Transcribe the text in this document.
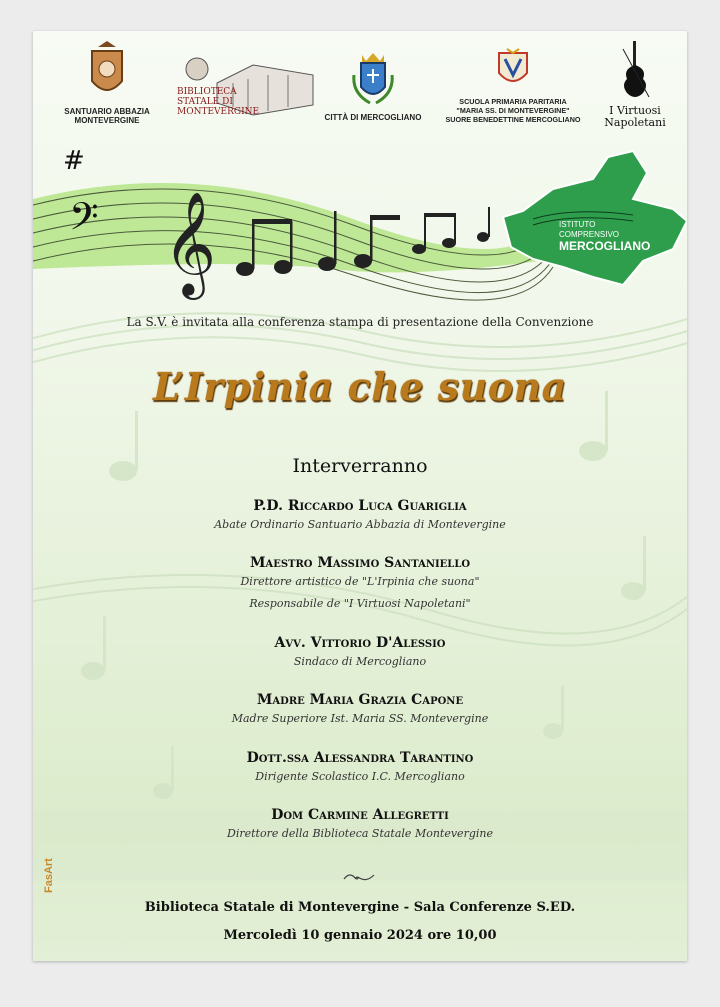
SANTUARIO ABBAZIA
MONTEVERGINE
BIBLIOTECA
STATALE DI
MONTEVERGINE
CITTÀ DI MERCOGLIANO
SCUOLA PRIMARIA PARITARIA
"MARIA SS. DI MONTEVERGINE"
SUORE BENEDETTINE MERCOGLIANO
I Virtuosi
Napoletani
#
𝄢 𝄞	ISTITUTO
COMPRENSIVO
MERCOGLIANO
La S.V. è invitata alla conferenza stampa di presentazione della Convenzione
L’Irpinia che suona
Interverranno
P.D. Riccardo Luca Guariglia
Abate Ordinario Santuario Abbazia di Montevergine
Maestro Massimo Santaniello
Direttore artistico de "L'Irpinia che suona"
Responsabile de "I Virtuosi Napoletani"
Avv. Vittorio D'Alessio
Sindaco di Mercogliano
Madre Maria Grazia Capone
Madre Superiore Ist. Maria SS. Montevergine
Dott.ssa Alessandra Tarantino
Dirigente Scolastico I.C. Mercogliano
Dom Carmine Allegretti
Direttore della Biblioteca Statale Montevergine
Biblioteca Statale di Montevergine - Sala Conferenze S.ED.
Mercoledì 10 gennaio 2024 ore 10,00
FasArt
